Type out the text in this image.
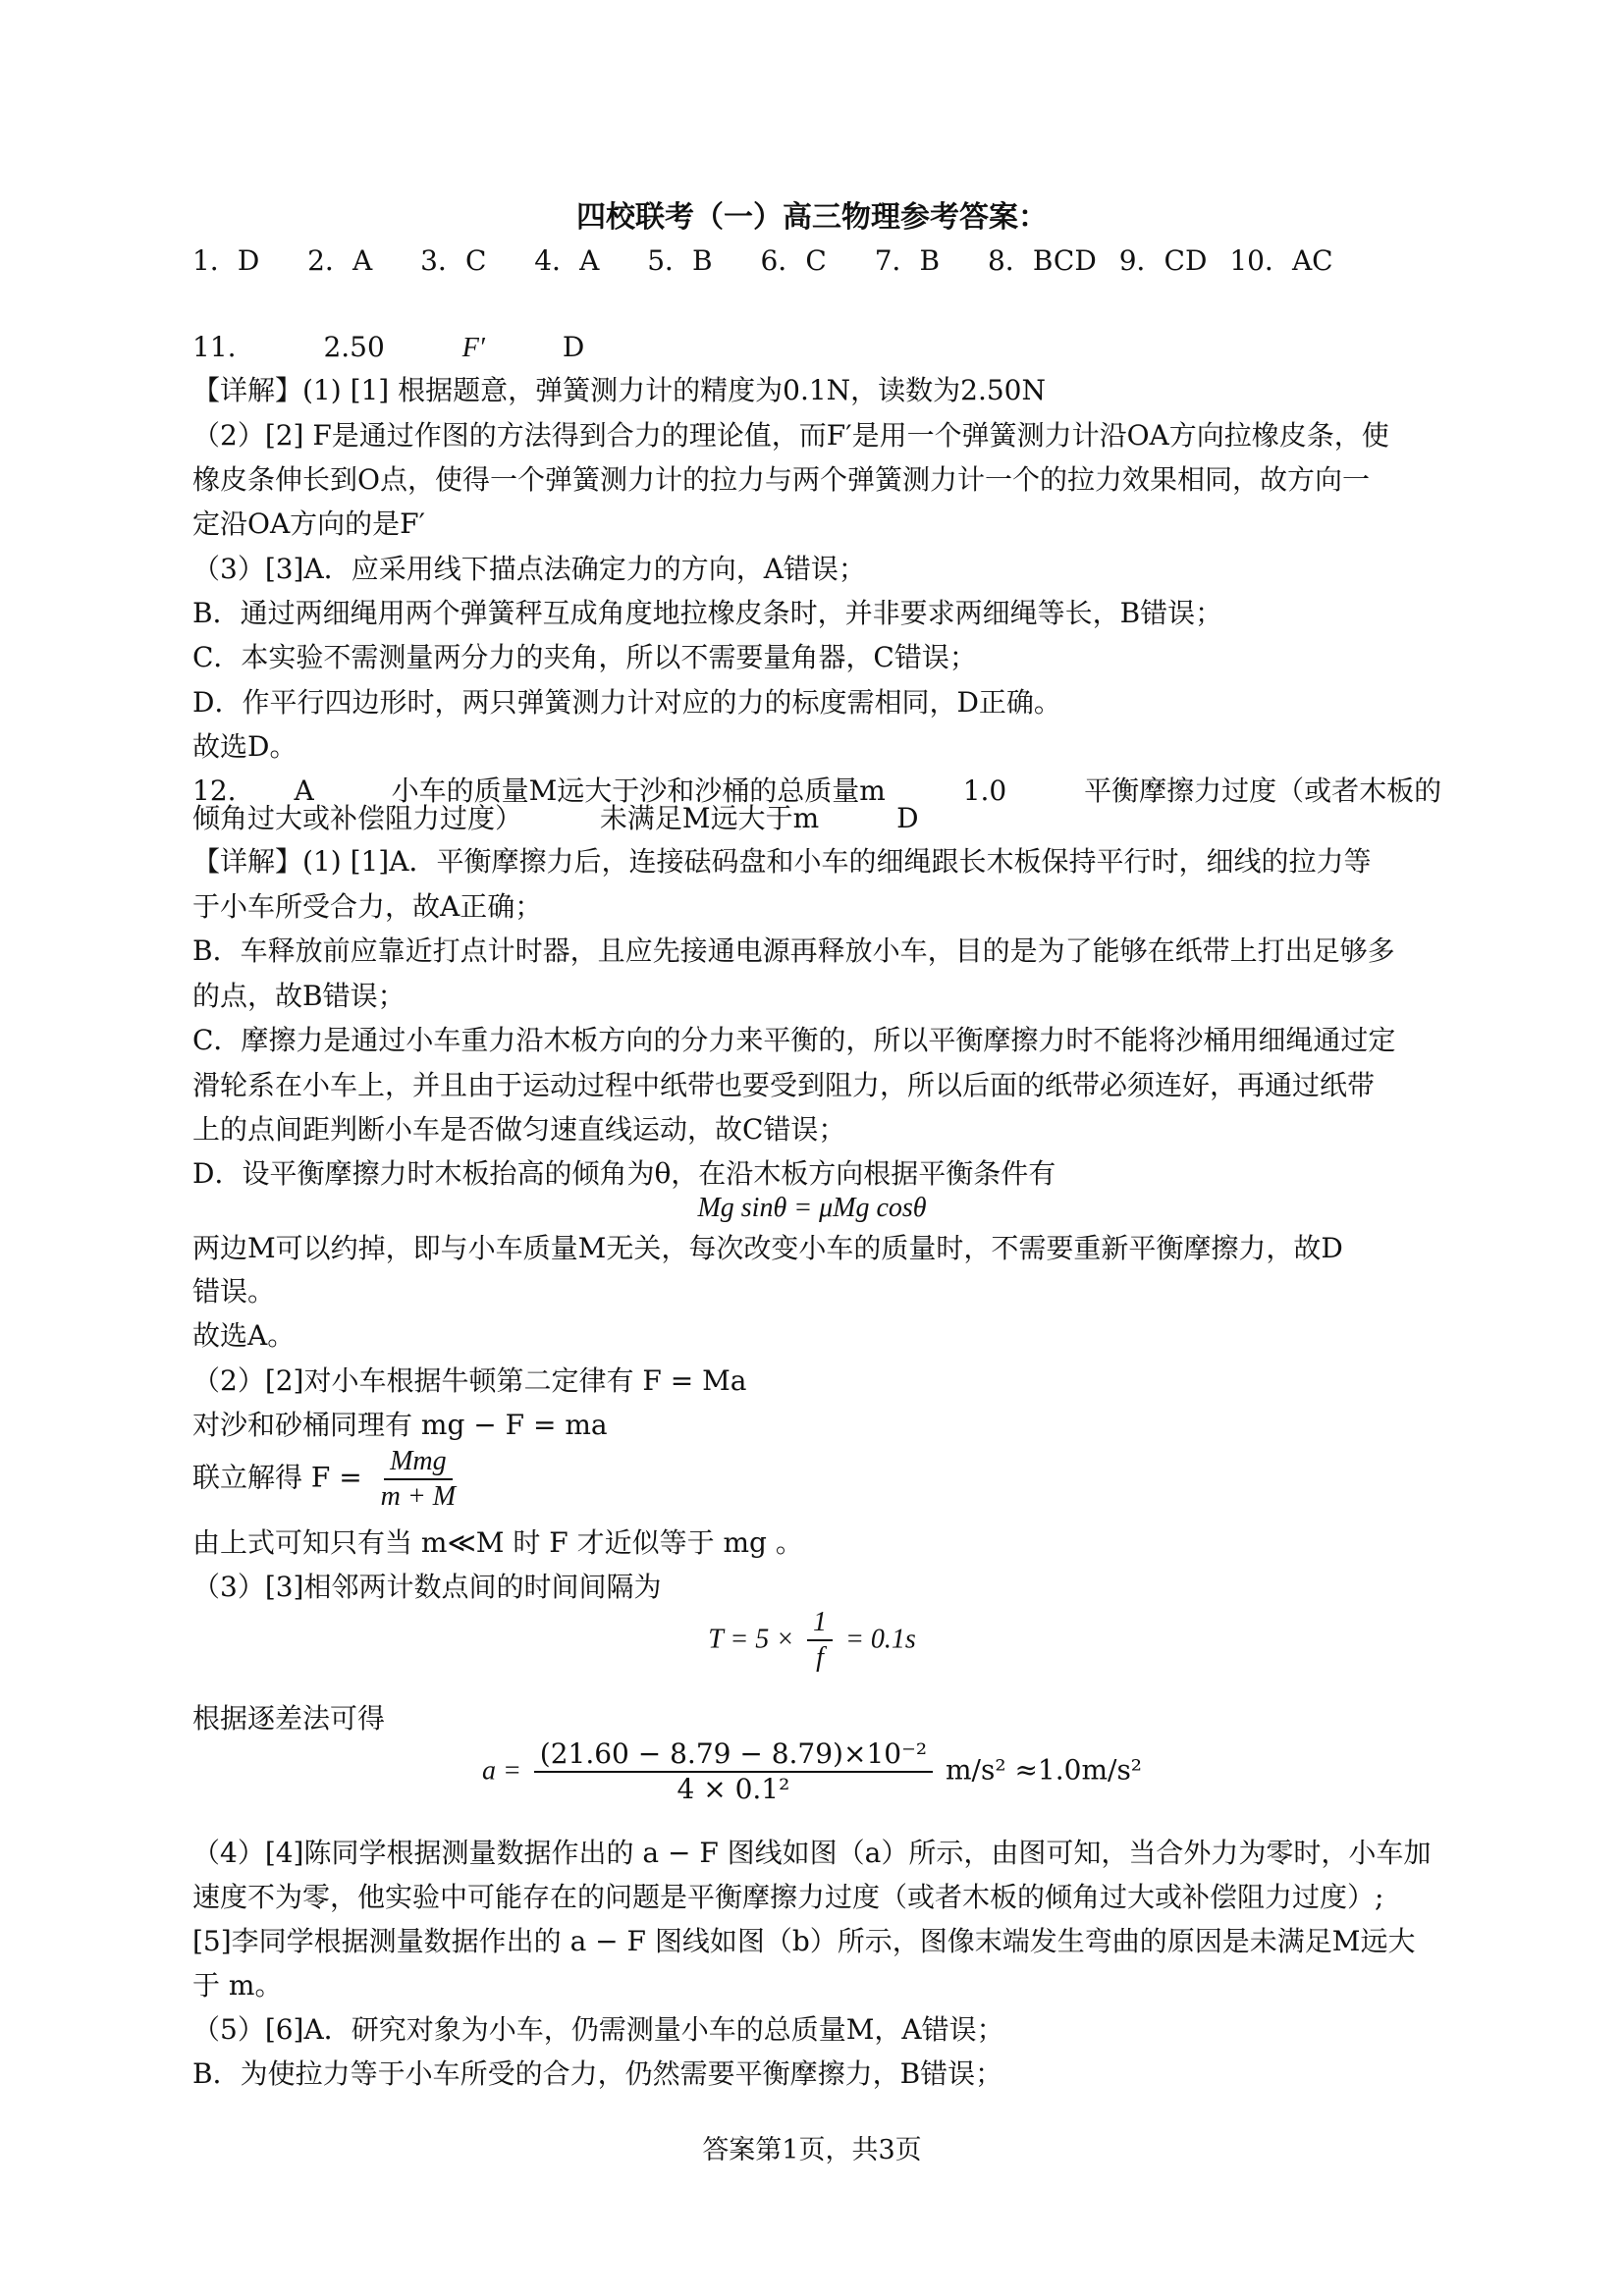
四校联考（一）高三物理参考答案：
1．D 2．A 3．C 4．A 5．B 6．C 7．B 8．BCD 9．CD 10．AC
11.	2.50	F′	D
【详解】(1) [1] 根据题意，弹簧测力计的精度为0.1N，读数为2.50N
（2）[2] F是通过作图的方法得到合力的理论值，而F′是用一个弹簧测力计沿OA方向拉橡皮条，使
橡皮条伸长到O点，使得一个弹簧测力计的拉力与两个弹簧测力计一个的拉力效果相同，故方向一
定沿OA方向的是F′
（3）[3]A．应采用线下描点法确定力的方向，A错误；
B．通过两细绳用两个弹簧秤互成角度地拉橡皮条时，并非要求两细绳等长，B错误；
C．本实验不需测量两分力的夹角，所以不需要量角器，C错误；
D．作平行四边形时，两只弹簧测力计对应的力的标度需相同，D正确。
故选D。
12. A	小车的质量M远大于沙和沙桶的总质量m	1.0	平衡摩擦力过度（或者木板的
倾角过大或补偿阻力过度）	未满足M远大于m	D
【详解】(1) [1]A．平衡摩擦力后，连接砝码盘和小车的细绳跟长木板保持平行时，细线的拉力等
于小车所受合力，故A正确；
B．车释放前应靠近打点计时器，且应先接通电源再释放小车，目的是为了能够在纸带上打出足够多
的点，故B错误；
C．摩擦力是通过小车重力沿木板方向的分力来平衡的，所以平衡摩擦力时不能将沙桶用细绳通过定
滑轮系在小车上，并且由于运动过程中纸带也要受到阻力，所以后面的纸带必须连好，再通过纸带
上的点间距判断小车是否做匀速直线运动，故C错误；
D．设平衡摩擦力时木板抬高的倾角为θ，在沿木板方向根据平衡条件有
Mg sinθ = μMg cosθ
两边M可以约掉，即与小车质量M无关，每次改变小车的质量时，不需要重新平衡摩擦力，故D
错误。
故选A。
（2）[2]对小车根据牛顿第二定律有 F = Ma
对沙和砂桶同理有 mg − F = ma
联立解得 $F = \frac{\text{Mmg}}{m + M}$
由上式可知只有当 m≪M 时 F 才近似等于 mg 。
（3）[3]相邻两计数点间的时间间隔为
$T = 5 \times \frac{1}{f} = 0.1s$
根据逐差法可得
$a = \frac{\text{(21.60 − 8.79 − 8.79)×10⁻²}}{\text{4 × 0.1²}} m/s^2 \approx 1.0m/s^2$
（4）[4]陈同学根据测量数据作出的 a − F 图线如图（a）所示，由图可知，当合外力为零时，小车加
速度不为零，他实验中可能存在的问题是平衡摩擦力过度（或者木板的倾角过大或补偿阻力过度）;
[5]李同学根据测量数据作出的 a − F 图线如图（b）所示，图像末端发生弯曲的原因是未满足M远大
于 m。
（5）[6]A．研究对象为小车，仍需测量小车的总质量M，A错误；
B．为使拉力等于小车所受的合力，仍然需要平衡摩擦力，B错误；
答案第1页，共3页
